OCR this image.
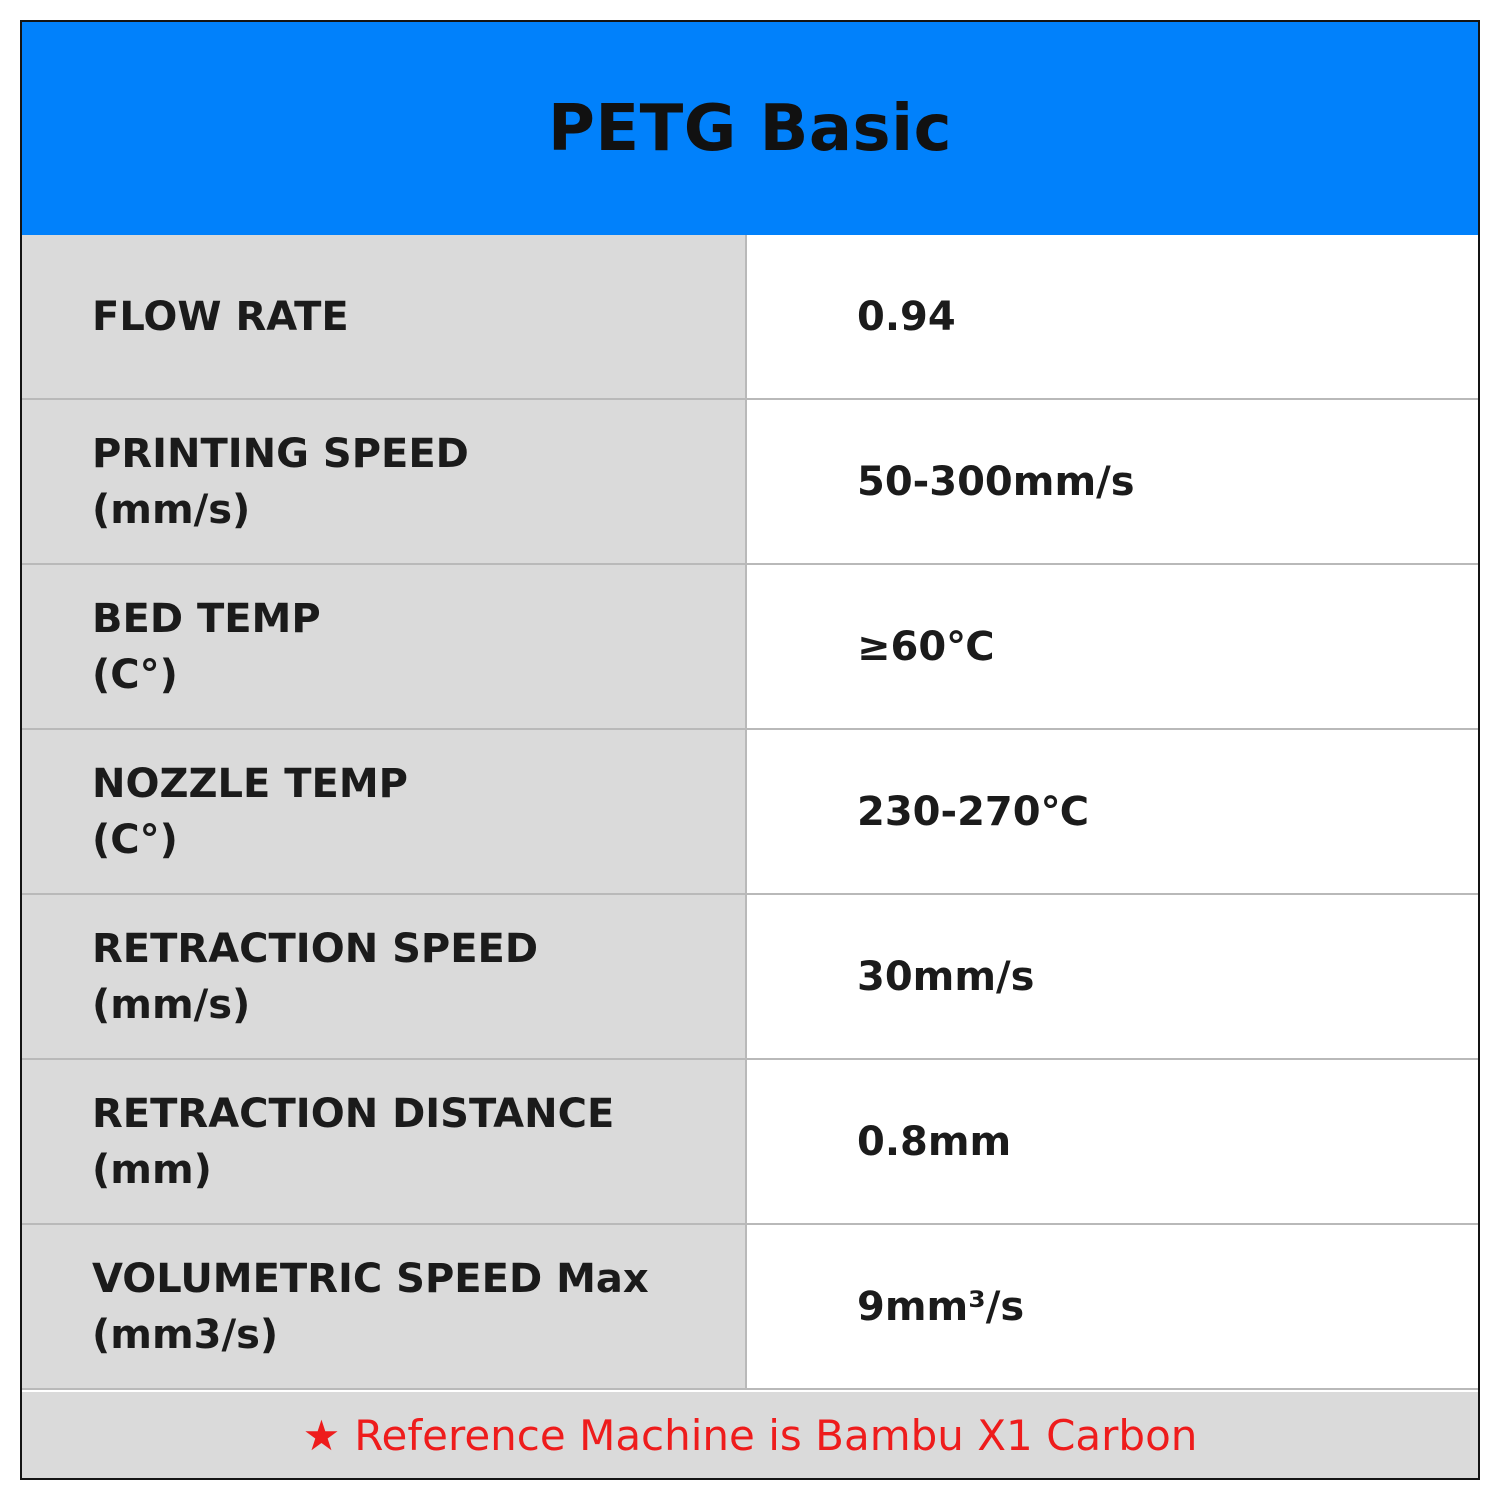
PETG Basic
FLOW RATE	0.94
PRINTING SPEED
(mm/s)
50-300mm/s
BED TEMP
(C°)
≥60℃
NOZZLE TEMP
(C°)
230-270℃
RETRACTION SPEED
(mm/s)
30mm/s
RETRACTION DISTANCE
(mm)
0.8mm
VOLUMETRIC SPEED Max
(mm3/s)
9mm³/s
★ Reference Machine is Bambu X1 Carbon
